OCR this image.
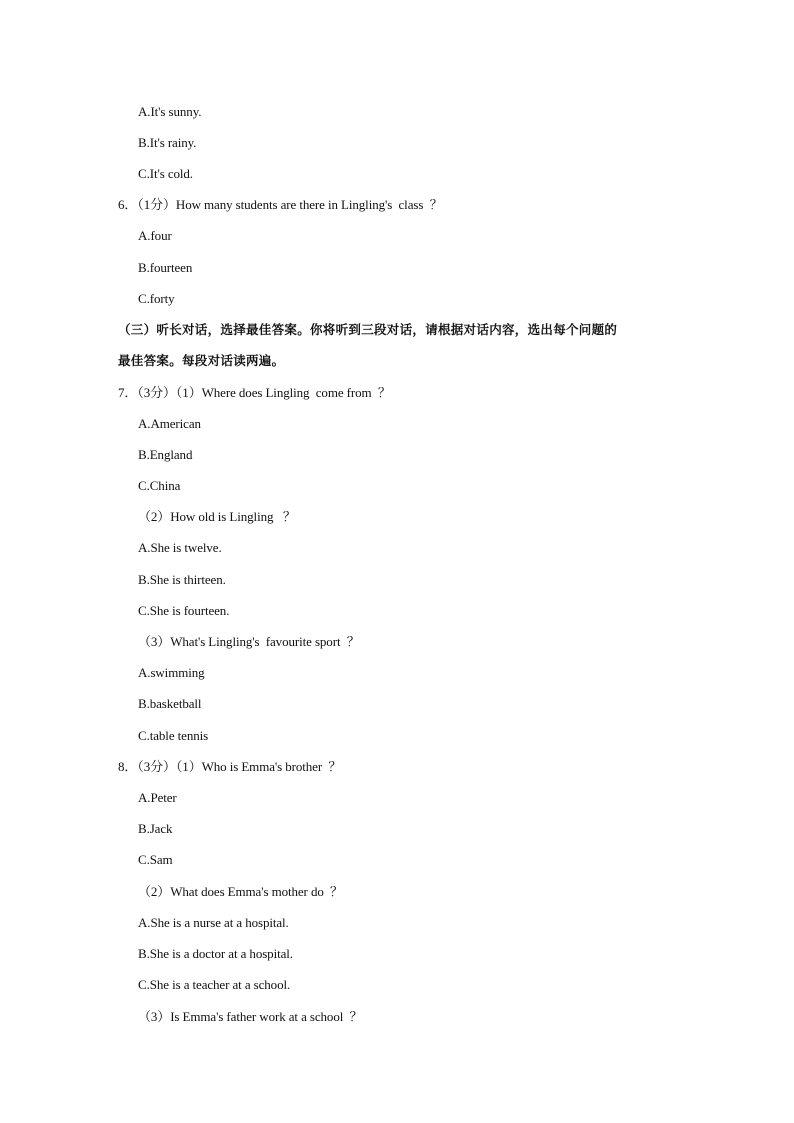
A.It's sunny.
B.It's rainy.
C.It's cold.
6．（1分）How many students are there in Lingling's  class  ？
A.four
B.fourteen
C.forty
（三）听长对话，选择最佳答案。你将听到三段对话，请根据对话内容，选出每个问题的
最佳答案。每段对话读两遍。
7．（3分）（1）Where does Lingling  come from  ？
A.American
B.England
C.China
（2）How old is Lingling   ？
A.She is twelve.
B.She is thirteen.
C.She is fourteen.
（3）What's Lingling's  favourite sport  ？
A.swimming
B.basketball
C.table tennis
8．（3分）（1）Who is Emma's brother  ？
A.Peter
B.Jack
C.Sam
（2）What does Emma's mother do  ？
A.She is a nurse at a hospital.
B.She is a doctor at a hospital.
C.She is a teacher at a school.
（3）Is Emma's father work at a school  ？
